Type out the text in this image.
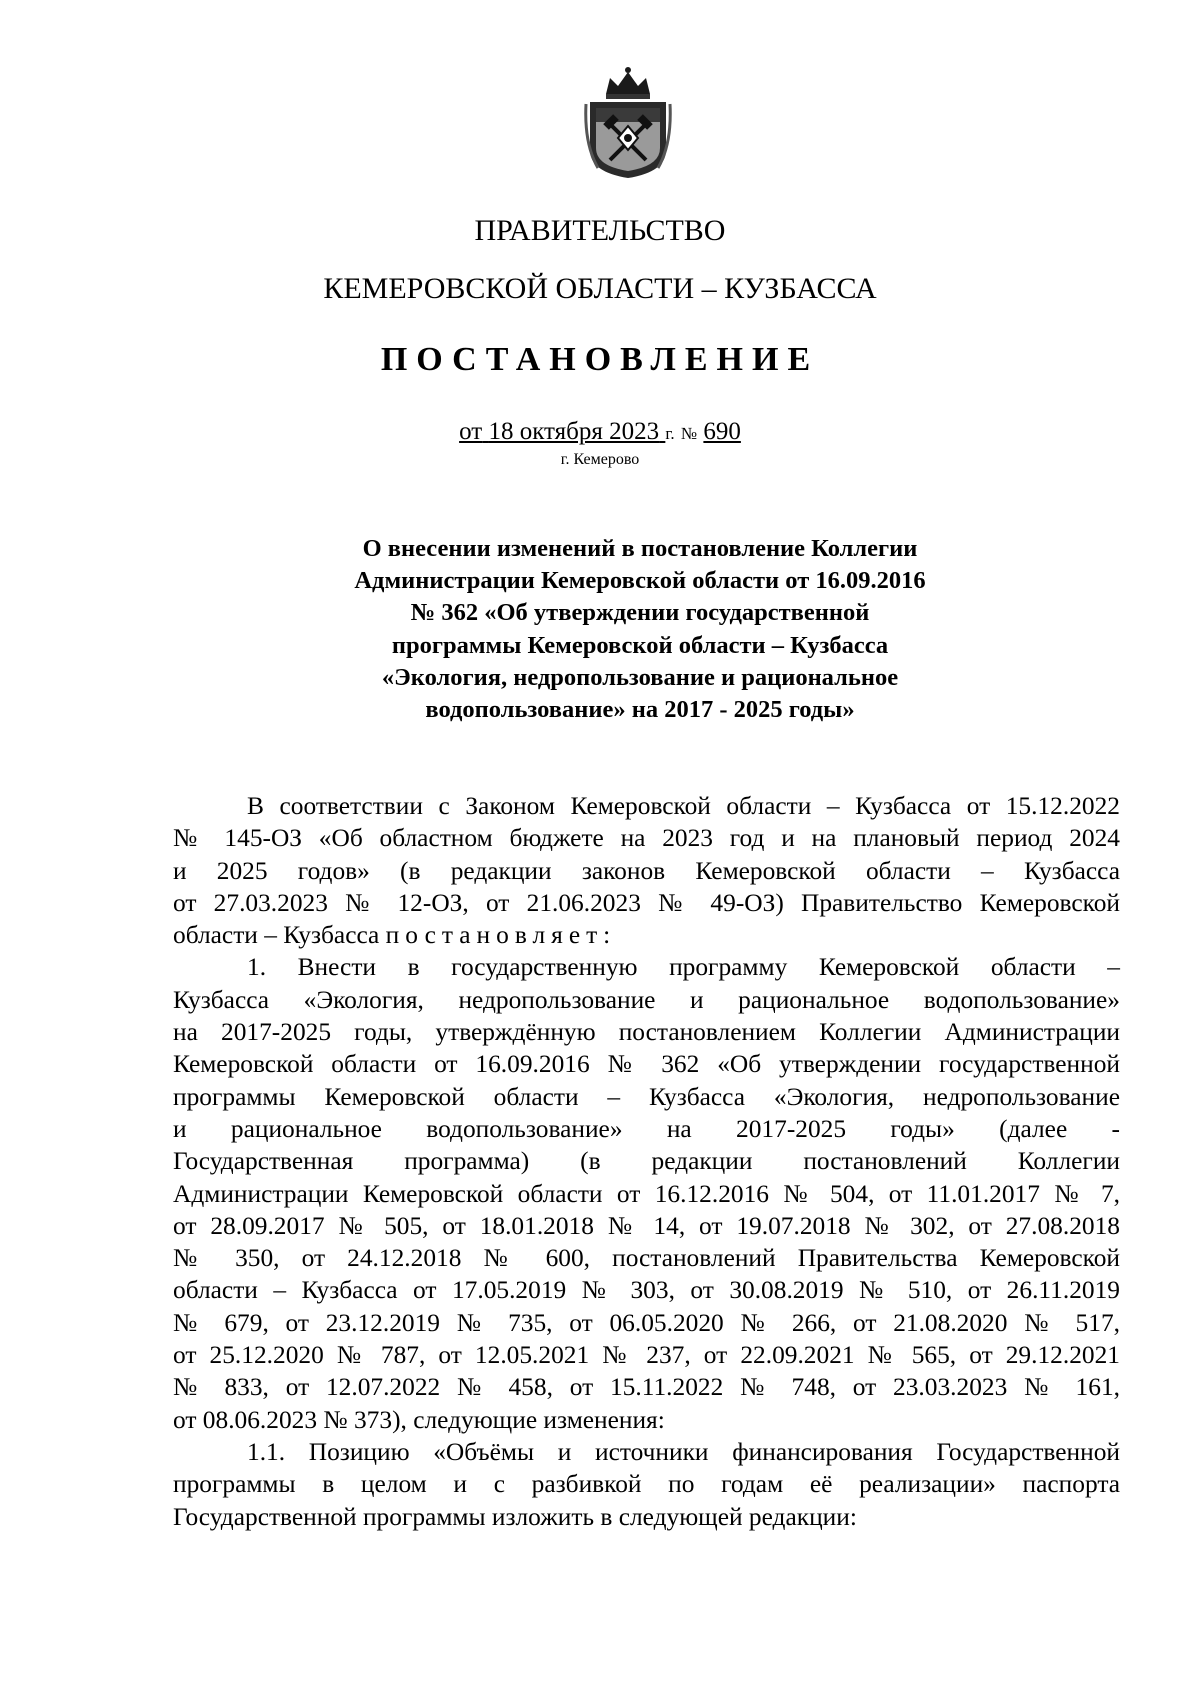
ПРАВИТЕЛЬСТВО
КЕМЕРОВСКОЙ ОБЛАСТИ – КУЗБАССА
ПОСТАНОВЛЕНИЕ
от 18 октября 2023 г. № 690
г. Кемерово
О внесении изменений в постановление Коллегии
Администрации Кемеровской области от 16.09.2016
№ 362 «Об утверждении государственной
программы Кемеровской области – Кузбасса
«Экология, недропользование и рациональное
водопользование» на 2017 - 2025 годы»
В соответствии с Законом Кемеровской области – Кузбасса от 15.12.2022
№ 145-ОЗ «Об областном бюджете на 2023 год и на плановый период 2024
и 2025 годов» (в редакции законов Кемеровской области – Кузбасса
от 27.03.2023 № 12-ОЗ, от 21.06.2023 № 49-ОЗ) Правительство Кемеровской
области – Кузбасса постановляет:
1. Внести в государственную программу Кемеровской области –
Кузбасса «Экология, недропользование и рациональное водопользование»
на 2017-2025 годы, утверждённую постановлением Коллегии Администрации
Кемеровской области от 16.09.2016 № 362 «Об утверждении государственной
программы Кемеровской области – Кузбасса «Экология, недропользование
и рациональное водопользование» на 2017-2025 годы» (далее -
Государственная программа) (в редакции постановлений Коллегии
Администрации Кемеровской области от 16.12.2016 № 504, от 11.01.2017 № 7,
от 28.09.2017 № 505, от 18.01.2018 № 14, от 19.07.2018 № 302, от 27.08.2018
№ 350, от 24.12.2018 № 600, постановлений Правительства Кемеровской
области – Кузбасса от 17.05.2019 № 303, от 30.08.2019 № 510, от 26.11.2019
№ 679, от 23.12.2019 № 735, от 06.05.2020 № 266, от 21.08.2020 № 517,
от 25.12.2020 № 787, от 12.05.2021 № 237, от 22.09.2021 № 565, от 29.12.2021
№ 833, от 12.07.2022 № 458, от 15.11.2022 № 748, от 23.03.2023 № 161,
от 08.06.2023 № 373), следующие изменения:
1.1. Позицию «Объёмы и источники финансирования Государственной
программы в целом и с разбивкой по годам её реализации» паспорта
Государственной программы изложить в следующей редакции:
